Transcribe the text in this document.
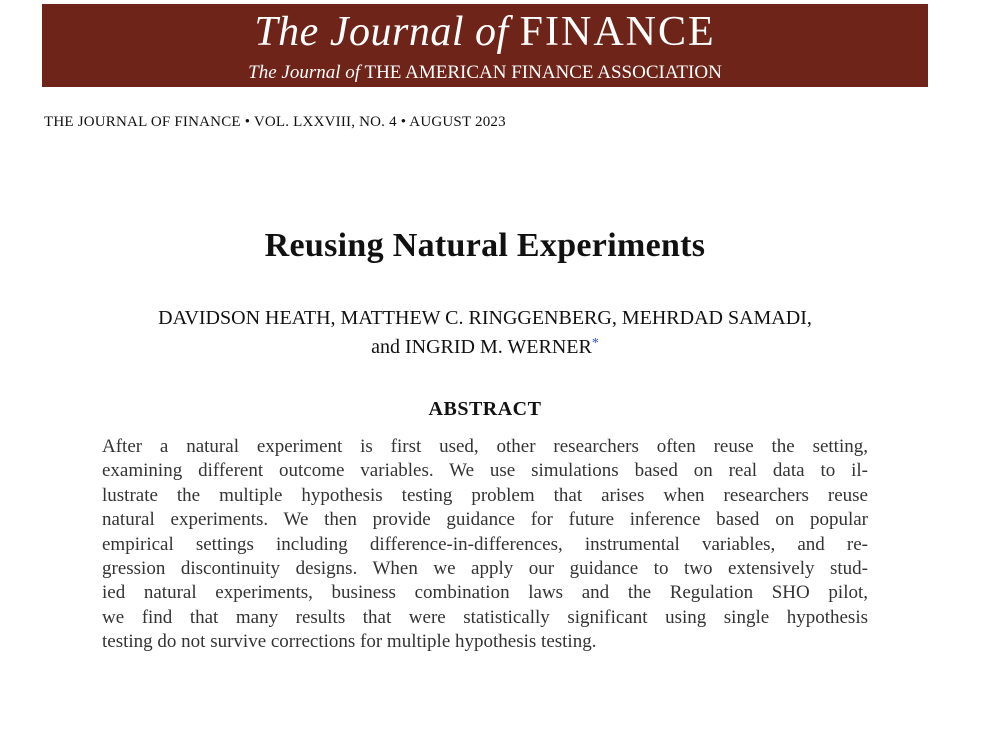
The Journal of FINANCE
The Journal of THE AMERICAN FINANCE ASSOCIATION
THE JOURNAL OF FINANCE • VOL. LXXVIII, NO. 4 • AUGUST 2023
Reusing Natural Experiments
DAVIDSON HEATH, MATTHEW C. RINGGENBERG, MEHRDAD SAMADI,
and INGRID M. WERNER*
ABSTRACT
After a natural experiment is first used, other researchers often reuse the setting,
examining different outcome variables. We use simulations based on real data to il-
lustrate the multiple hypothesis testing problem that arises when researchers reuse
natural experiments. We then provide guidance for future inference based on popular
empirical settings including difference-in-differences, instrumental variables, and re-
gression discontinuity designs. When we apply our guidance to two extensively stud-
ied natural experiments, business combination laws and the Regulation SHO pilot,
we find that many results that were statistically significant using single hypothesis
testing do not survive corrections for multiple hypothesis testing.
